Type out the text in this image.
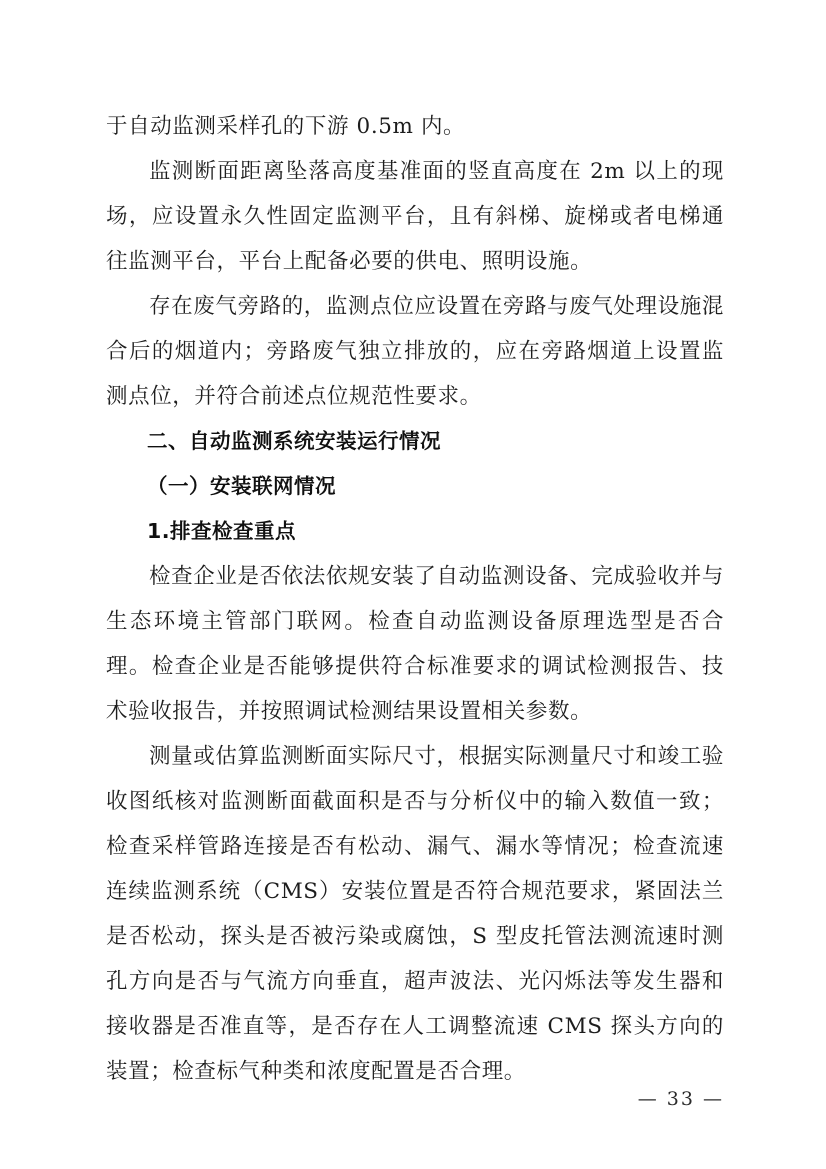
于自动监测采样孔的下游 0.5m 内。

监测断面距离坠落高度基准面的竖直高度在 2m 以上的现场，应设置永久性固定监测平台，且有斜梯、旋梯或者电梯通往监测平台，平台上配备必要的供电、照明设施。

存在废气旁路的，监测点位应设置在旁路与废气处理设施混合后的烟道内；旁路废气独立排放的，应在旁路烟道上设置监测点位，并符合前述点位规范性要求。

二、自动监测系统安装运行情况
（一）安装联网情况
1.排查检查重点

检查企业是否依法依规安装了自动监测设备、完成验收并与生态环境主管部门联网。检查自动监测设备原理选型是否合理。检查企业是否能够提供符合标准要求的调试检测报告、技术验收报告，并按照调试检测结果设置相关参数。

测量或估算监测断面实际尺寸，根据实际测量尺寸和竣工验收图纸核对监测断面截面积是否与分析仪中的输入数值一致；检查采样管路连接是否有松动、漏气、漏水等情况；检查流速连续监测系统（CMS）安装位置是否符合规范要求，紧固法兰是否松动，探头是否被污染或腐蚀，S 型皮托管法测流速时测孔方向是否与气流方向垂直，超声波法、光闪烁法等发生器和接收器是否准直等，是否存在人工调整流速 CMS 探头方向的装置；检查标气种类和浓度配置是否合理。

— 33 —
